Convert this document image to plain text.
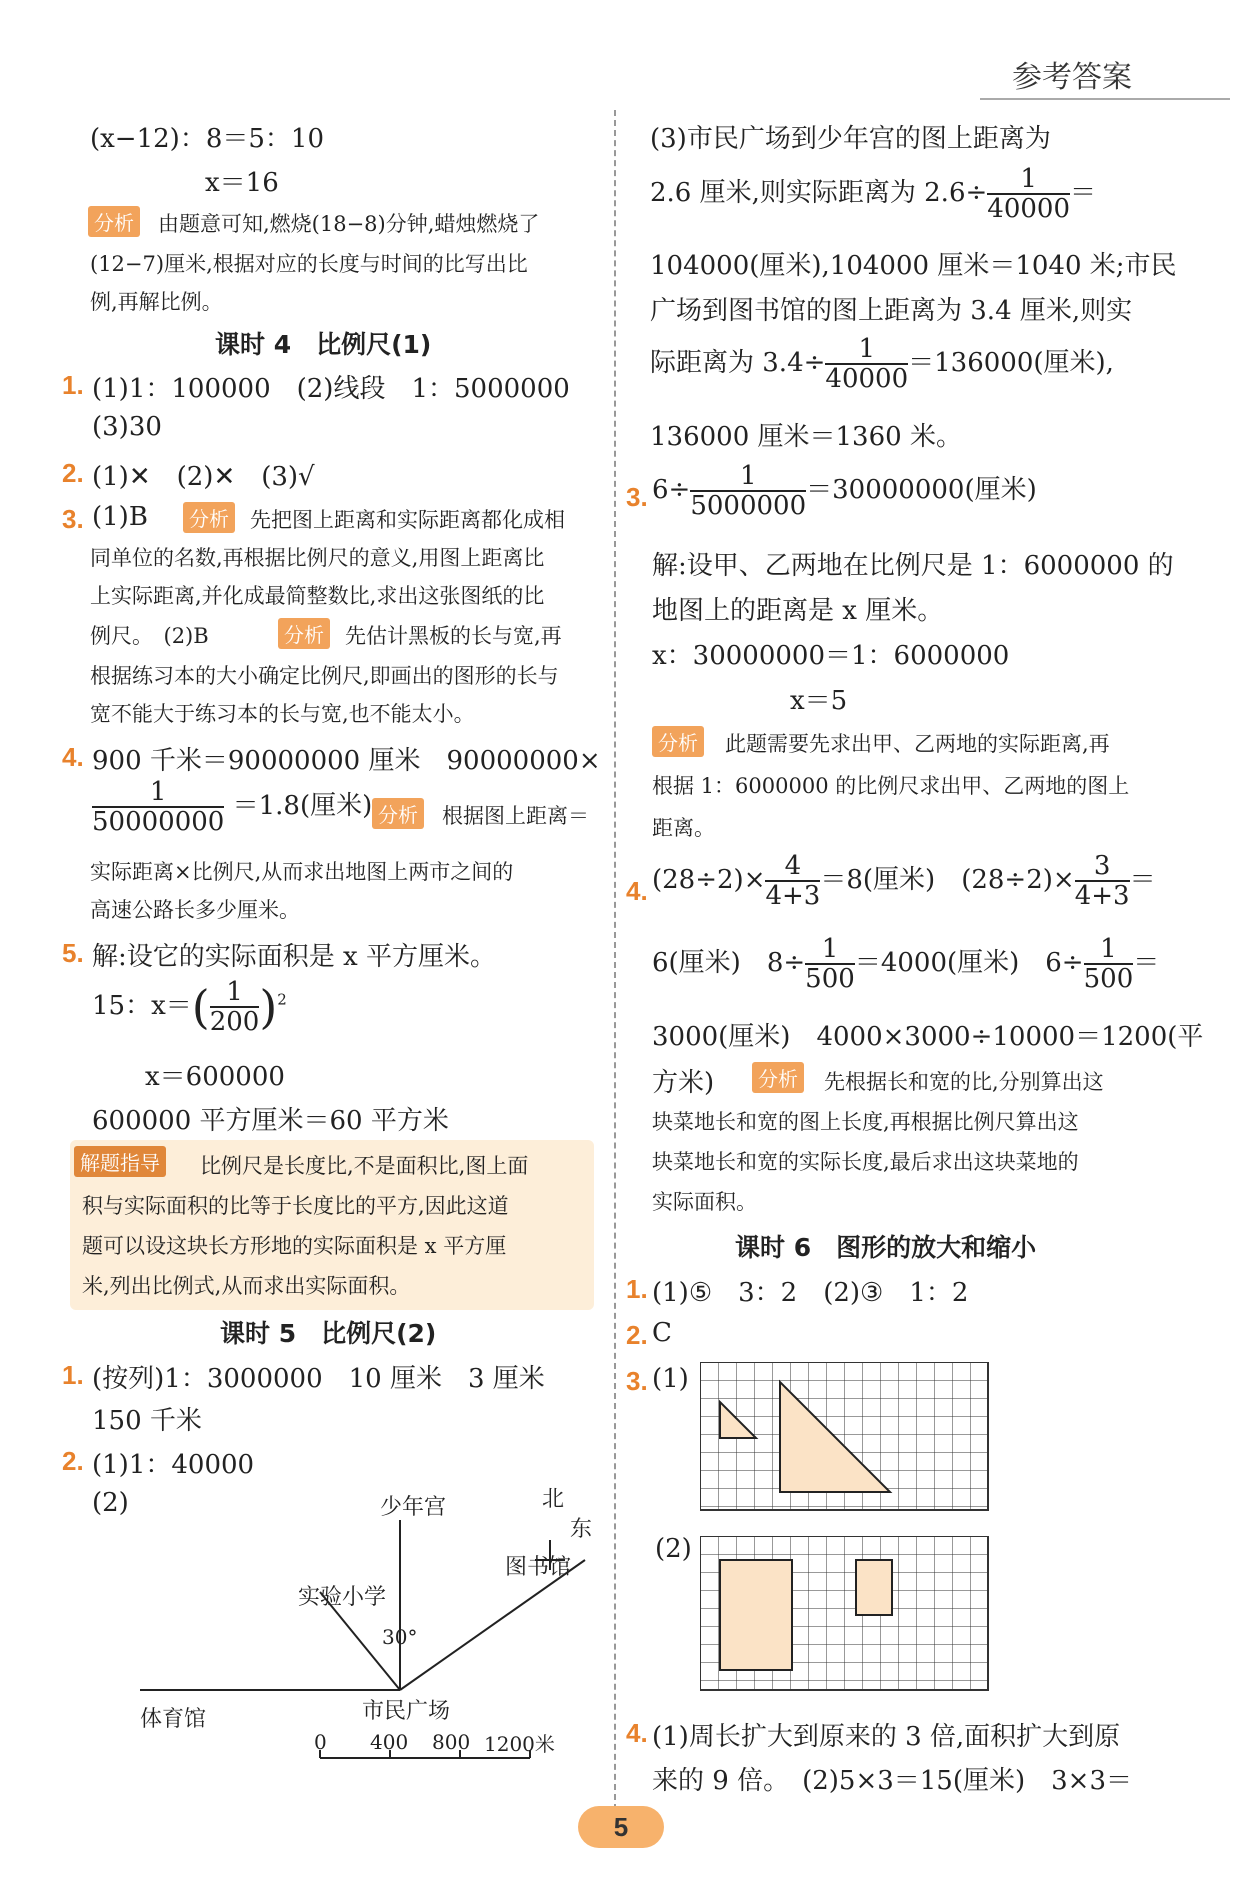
参考答案
(x−12)：8＝5：10
x＝16
分析 由题意可知,燃烧(18−8)分钟,蜡烛燃烧了
(12−7)厘米,根据对应的长度与时间的比写出比
例,再解比例。
课时 4　比例尺(1)
1. (1)1：100000　(2)线段　1：5000000
(3)30
2. (1)✕　(2)✕　(3)√
3. (1)B	分析 先把图上距离和实际距离都化成相
同单位的名数,再根据比例尺的意义,用图上距离比
上实际距离,并化成最简整数比,求出这张图纸的比
例尺。　(2)B	分析 先估计黑板的长与宽,再
根据练习本的大小确定比例尺,即画出的图形的长与
宽不能大于练习本的长与宽,也不能太小。
4. 900 千米＝90000000 厘米　90000000×
$\frac{1}{50000000} =1.8$(厘米) 分析 根据图上距离＝
实际距离×比例尺,从而求出地图上两市之间的
高速公路长多少厘米。
5. 解:设它的实际面积是 x 平方厘米。
15：$x=( \frac{1}{200} )^2$
x＝600000
600000 平方厘米＝60 平方米
解题指导 比例尺是长度比,不是面积比,图上面
积与实际面积的比等于长度比的平方,因此这道
题可以设这块长方形地的实际面积是 x 平方厘
米,列出比例式,从而求出实际面积。
课时 5　比例尺(2)
1. (按列)1：3000000　10 厘米　3 厘米
150 千米
2. (1)1：40000
(2)	少年宫	北
东
图书馆
实验小学
30°
体育馆	市民广场
0 400 800 1200米
(3)市民广场到少年宫的图上距离为
2.6 厘米,则实际距离为 $2.6\div \frac{1}{40000}$ ＝
104000(厘米),104000 厘米＝1040 米;市民
广场到图书馆的图上距离为 3.4 厘米,则实
际距离为 $3.4\div \frac{1}{40000} =136000$(厘米),
136000 厘米＝1360 米。
3. $6\div \frac{1}{5000000} =30000000$(厘米)
解:设甲、乙两地在比例尺是 1：6000000 的
地图上的距离是 x 厘米。
x：30000000＝1：6000000
x＝5
分析 此题需要先求出甲、乙两地的实际距离,再
根据 1：6000000 的比例尺求出甲、乙两地的图上
距离。
4. $(28\div 2)\times \frac{4}{4+3} =8$(厘米)　$(28\div 2)\times \frac{3}{4+3}$ ＝
6(厘米)　$8\div \frac{1}{500} =4000$(厘米)　$6\div \frac{1}{500}$ ＝
3000(厘米)　4000×3000÷10000＝1200(平
方米)	分析 先根据长和宽的比,分别算出这
块菜地长和宽的图上长度,再根据比例尺算出这
块菜地长和宽的实际长度,最后求出这块菜地的
实际面积。
课时 6　图形的放大和缩小
1. (1)⑤　3：2　(2)③　1：2
2. C
3. (1)
(2)
4. (1)周长扩大到原来的 3 倍,面积扩大到原
来的 9 倍。　(2)5×3＝15(厘米)　3×3＝
5
